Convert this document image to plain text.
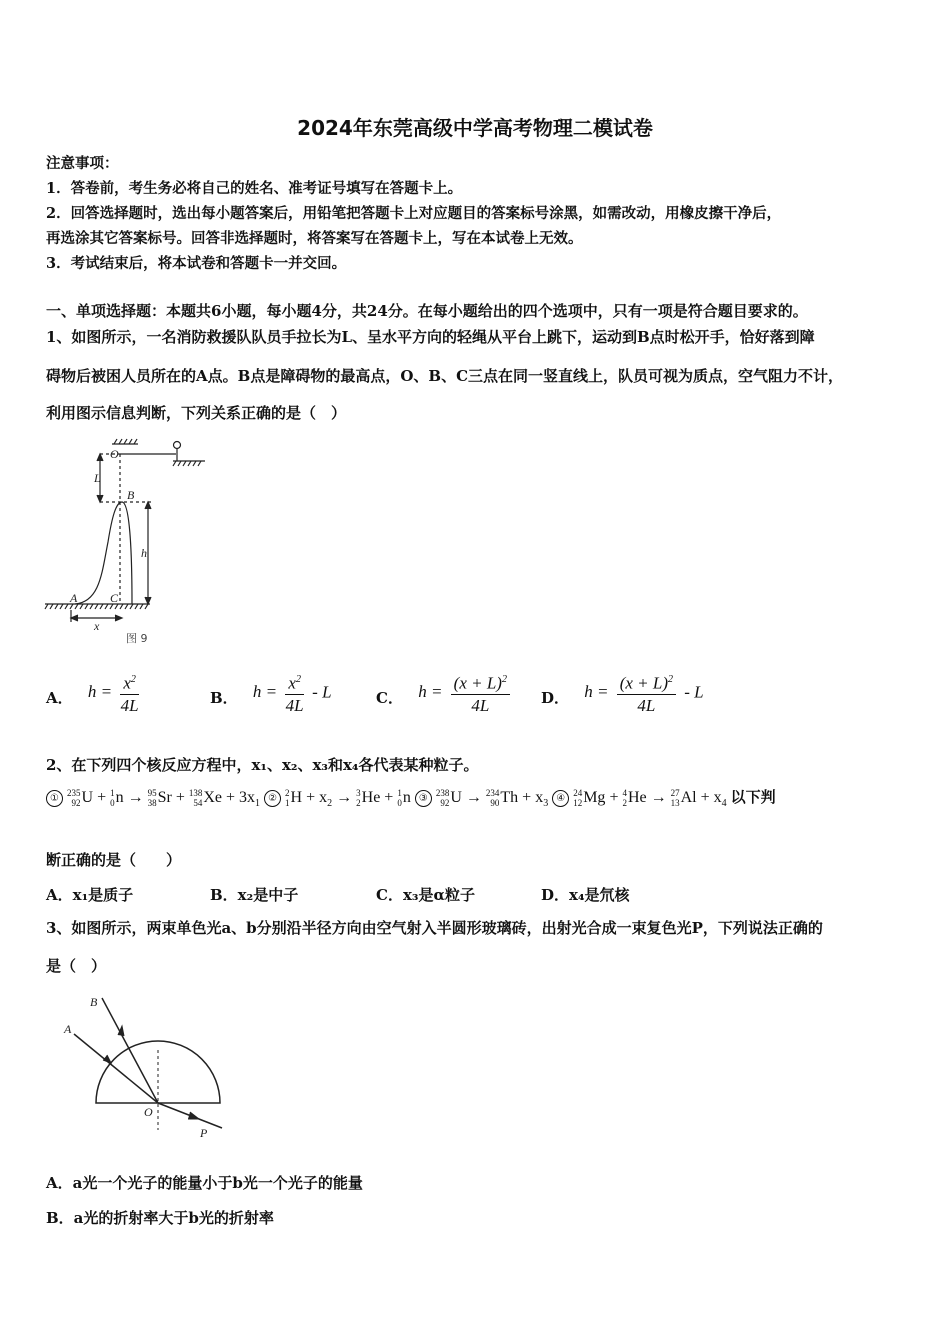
2024年东莞高级中学高考物理二模试卷
注意事项：
1．答卷前，考生务必将自己的姓名、准考证号填写在答题卡上。
2．回答选择题时，选出每小题答案后，用铅笔把答题卡上对应题目的答案标号涂黑，如需改动，用橡皮擦干净后，
再选涂其它答案标号。回答非选择题时，将答案写在答题卡上，写在本试卷上无效。
3．考试结束后，将本试卷和答题卡一并交回。
一、单项选择题：本题共6小题，每小题4分，共24分。在每小题给出的四个选项中，只有一项是符合题目要求的。
1、如图所示，一名消防救援队队员手拉长为L、呈水平方向的轻绳从平台上跳下，运动到B点时松开手，恰好落到障
碍物后被困人员所在的A点。B点是障碍物的最高点，O、B、C三点在同一竖直线上，队员可视为质点，空气阻力不计，
利用图示信息判断，下列关系正确的是（　）
O
L
B
h
A	C
x
图 9
A． $h = \frac{x^2}{4L}$	B． $h = \frac{x^2}{4L} - L$	C． $h = \frac{(x + L)^2}{4L}$ D． $h = \frac{(x + L)^2}{4L} - L$
2、在下列四个核反应方程中，x₁、x₂、x₃和x₄各代表某种粒子。
① 235
92 U + 1
0 n → 95
38 Sr + 138
54 $Xe + 3x_1$ ② 2
1 $H + x_2 \to 3$
2 He + 1
0 n ③ 238
92 U → 234
90 $Th + x_3$ ④ 24
12 Mg + 4
2 He → 27
13 $Al + x_4$ 以下判
断正确的是（　　）
A．x₁是质子	B．x₂是中子	C．x₃是α粒子	D．x₄是氘核
3、如图所示，两束单色光a、b分别沿半径方向由空气射入半圆形玻璃砖，出射光合成一束复色光P，下列说法正确的
是（　）
B
A
O
P
A．a光一个光子的能量小于b光一个光子的能量
B．a光的折射率大于b光的折射率
